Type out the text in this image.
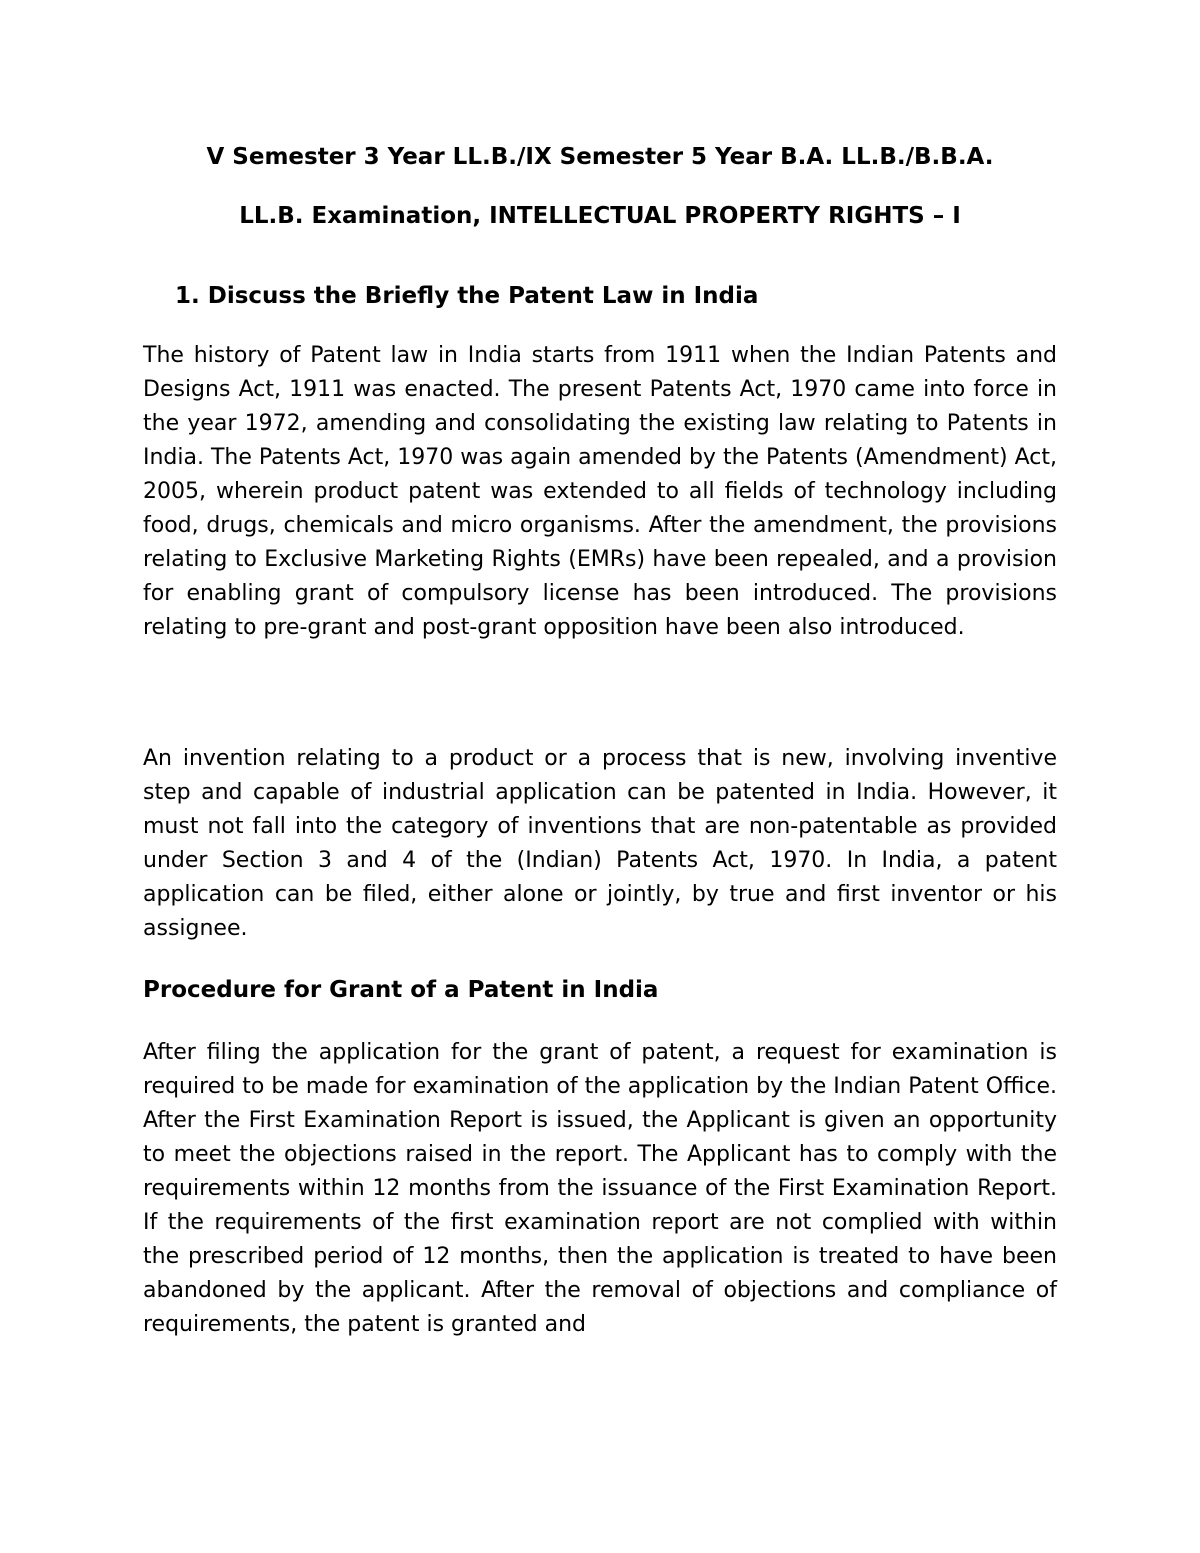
V Semester 3 Year LL.B./IX Semester 5 Year B.A. LL.B./B.B.A.

LL.B. Examination, INTELLECTUAL PROPERTY RIGHTS – I

1. Discuss the Briefly the Patent Law in India

The history of Patent law in India starts from 1911 when the Indian Patents and Designs Act, 1911 was enacted. The present Patents Act, 1970 came into force in the year 1972, amending and consolidating the existing law relating to Patents in India. The Patents Act, 1970 was again amended by the Patents (Amendment) Act, 2005, wherein product patent was extended to all fields of technology including food, drugs, chemicals and micro organisms. After the amendment, the provisions relating to Exclusive Marketing Rights (EMRs) have been repealed, and a provision for enabling grant of compulsory license has been introduced. The provisions relating to pre-grant and post-grant opposition have been also introduced.

An invention relating to a product or a process that is new, involving inventive step and capable of industrial application can be patented in India. However, it must not fall into the category of inventions that are non-patentable as provided under Section 3 and 4 of the (Indian) Patents Act, 1970. In India, a patent application can be filed, either alone or jointly, by true and first inventor or his assignee.

Procedure for Grant of a Patent in India

After filing the application for the grant of patent, a request for examination is required to be made for examination of the application by the Indian Patent Office. After the First Examination Report is issued, the Applicant is given an opportunity to meet the objections raised in the report. The Applicant has to comply with the requirements within 12 months from the issuance of the First Examination Report. If the requirements of the first examination report are not complied with within the prescribed period of 12 months, then the application is treated to have been abandoned by the applicant. After the removal of objections and compliance of requirements, the patent is granted and
